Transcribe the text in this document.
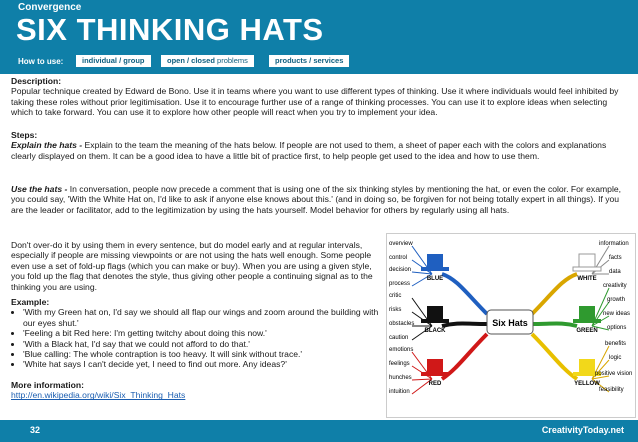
Convergence
SIX THINKING HATS
How to use:	individual / group	open / closed problems	products / services

Description:

Popular technique created by Edward de Bono. Use it in teams where you want to use different types of thinking. Use it where individuals would feel inhibited by taking these roles without prior legitimisation. Use it to encourage further use of a range of thinking processes. You can use it to explore ideas when selecting which to take forward. You can use it to explore how other people will react when you try to implement your idea.

Steps:

Explain the hats - Explain to the team the meaning of the hats below. If people are not used to them, a sheet of paper each with the colors and explanations clearly displayed on them. It can be a good idea to have a little bit of practice first, to help people get used to the idea and how to use them.

Use the hats - In conversation, people now precede a comment that is using one of the six thinking styles by mentioning the hat, or even the color. For example, you could say, 'With the White Hat on, I'd like to ask if anyone else knows about this.' (and in doing so, be forgiven for not being totally expert in all things). If you are the leader or facilitator, add to the legitimization by using the hats yourself. Model behavior for others by regularly using all hats.

Don't over-do it by using them in every sentence, but do model early and at regular intervals, especially if people are missing viewpoints or are not using the hats well enough. Some people even use a set of fold-up flags (which you can make or buy). When you are using a given style, you fold up the flag that denotes the style, thus giving other people a continuing signal as to the thinking you are using.

Example:

• 'With my Green hat on, I'd say we should all flap our wings and zoom around the building with our eyes shut.'
• 'Feeling a bit Red here: I'm getting twitchy about doing this now.'
• 'With a Black hat, I'd say that we could not afford to do that.'
• 'Blue calling: The whole contraption is too heavy. It will sink without trace.'
• 'White hat says I can't decide yet, I need to find out more. Any ideas?'

More information:

http://en.wikipedia.org/wiki/Six_Thinking_Hats

Six Hats
BLUE
BLACK
RED
WHITE
GREEN
YELLOW
overview
control
decision
process
critic
risks
obstacles
caution
emotions
feelings
hunches
intuition
information
facts
data
creativity
growth
new ideas
options
benefits
logic
positive vision
feasibility
32	CreativityToday.net
